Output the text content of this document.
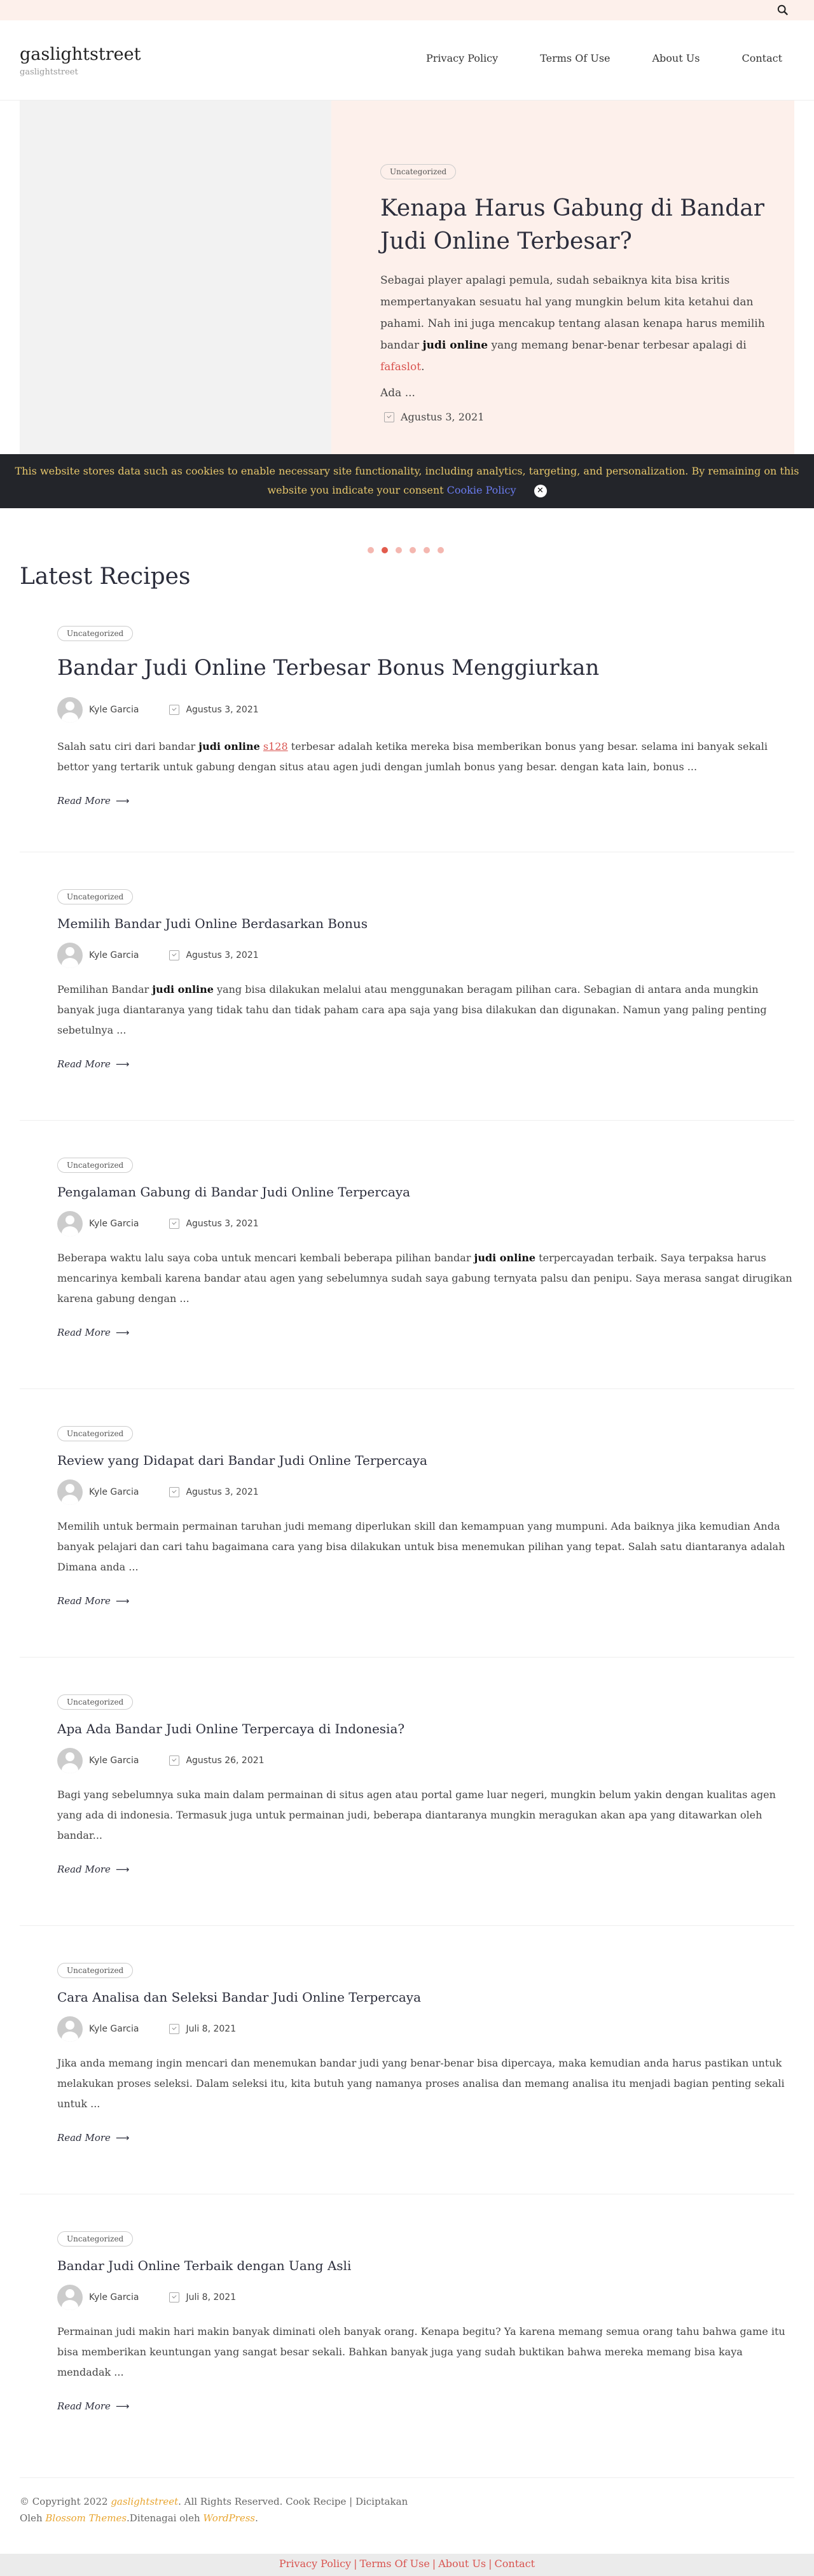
gaslightstreet
gaslightstreet
Privacy Policy	Terms Of Use	About Us	Contact
Uncategorized
Kenapa Harus Gabung di Bandar Judi Online Terbesar?

Sebagai player apalagi pemula, sudah sebaiknya kita bisa kritis mempertanyakan sesuatu hal yang mungkin belum kita ketahui dan pahami. Nah ini juga mencakup tentang alasan kenapa harus memilih bandar judi online yang memang benar-benar terbesar apalagi di fafaslot.

Ada ...

Agustus 3, 2021
This website stores data such as cookies to enable necessary site functionality, including analytics, targeting, and personalization. By remaining on this website you indicate your consent Cookie Policy	✕
Latest Recipes
Uncategorized
Bandar Judi Online Terbesar Bonus Menggiurkan
Kyle Garcia	Agustus 3, 2021

Salah satu ciri dari bandar judi online s128 terbesar adalah ketika mereka bisa memberikan bonus yang besar. selama ini banyak sekali bettor yang tertarik untuk gabung dengan situs atau agen judi dengan jumlah bonus yang besar. dengan kata lain, bonus ...

Read More ⟶
Uncategorized
Memilih Bandar Judi Online Berdasarkan Bonus
Kyle Garcia	Agustus 3, 2021

Pemilihan Bandar judi online yang bisa dilakukan melalui atau menggunakan beragam pilihan cara. Sebagian di antara anda mungkin banyak juga diantaranya yang tidak tahu dan tidak paham cara apa saja yang bisa dilakukan dan digunakan. Namun yang paling penting sebetulnya ...

Read More ⟶
Uncategorized
Pengalaman Gabung di Bandar Judi Online Terpercaya
Kyle Garcia	Agustus 3, 2021

Beberapa waktu lalu saya coba untuk mencari kembali beberapa pilihan bandar judi online terpercayadan terbaik. Saya terpaksa harus mencarinya kembali karena bandar atau agen yang sebelumnya sudah saya gabung ternyata palsu dan penipu. Saya merasa sangat dirugikan karena gabung dengan ...

Read More ⟶
Uncategorized
Review yang Didapat dari Bandar Judi Online Terpercaya
Kyle Garcia	Agustus 3, 2021

Memilih untuk bermain permainan taruhan judi memang diperlukan skill dan kemampuan yang mumpuni. Ada baiknya jika kemudian Anda banyak pelajari dan cari tahu bagaimana cara yang bisa dilakukan untuk bisa menemukan pilihan yang tepat. Salah satu diantaranya adalah Dimana anda ...

Read More ⟶
Uncategorized
Apa Ada Bandar Judi Online Terpercaya di Indonesia?
Kyle Garcia	Agustus 26, 2021

Bagi yang sebelumnya suka main dalam permainan di situs agen atau portal game luar negeri, mungkin belum yakin dengan kualitas agen yang ada di indonesia. Termasuk juga untuk permainan judi, beberapa diantaranya mungkin meragukan akan apa yang ditawarkan oleh bandar...

Read More ⟶
Uncategorized
Cara Analisa dan Seleksi Bandar Judi Online Terpercaya
Kyle Garcia	Juli 8, 2021

Jika anda memang ingin mencari dan menemukan bandar judi yang benar-benar bisa dipercaya, maka kemudian anda harus pastikan untuk melakukan proses seleksi. Dalam seleksi itu, kita butuh yang namanya proses analisa dan memang analisa itu menjadi bagian penting sekali untuk ...

Read More ⟶
Uncategorized
Bandar Judi Online Terbaik dengan Uang Asli
Kyle Garcia	Juli 8, 2021

Permainan judi makin hari makin banyak diminati oleh banyak orang. Kenapa begitu? Ya karena memang semua orang tahu bahwa game itu bisa memberikan keuntungan yang sangat besar sekali. Bahkan banyak juga yang sudah buktikan bahwa mereka memang bisa kaya mendadak ...

Read More ⟶
© Copyright 2022 gaslightstreet. All Rights Reserved. Cook Recipe | Diciptakan
Oleh Blossom Themes.Ditenagai oleh WordPress.
Privacy Policy | Terms Of Use | About Us | Contact
